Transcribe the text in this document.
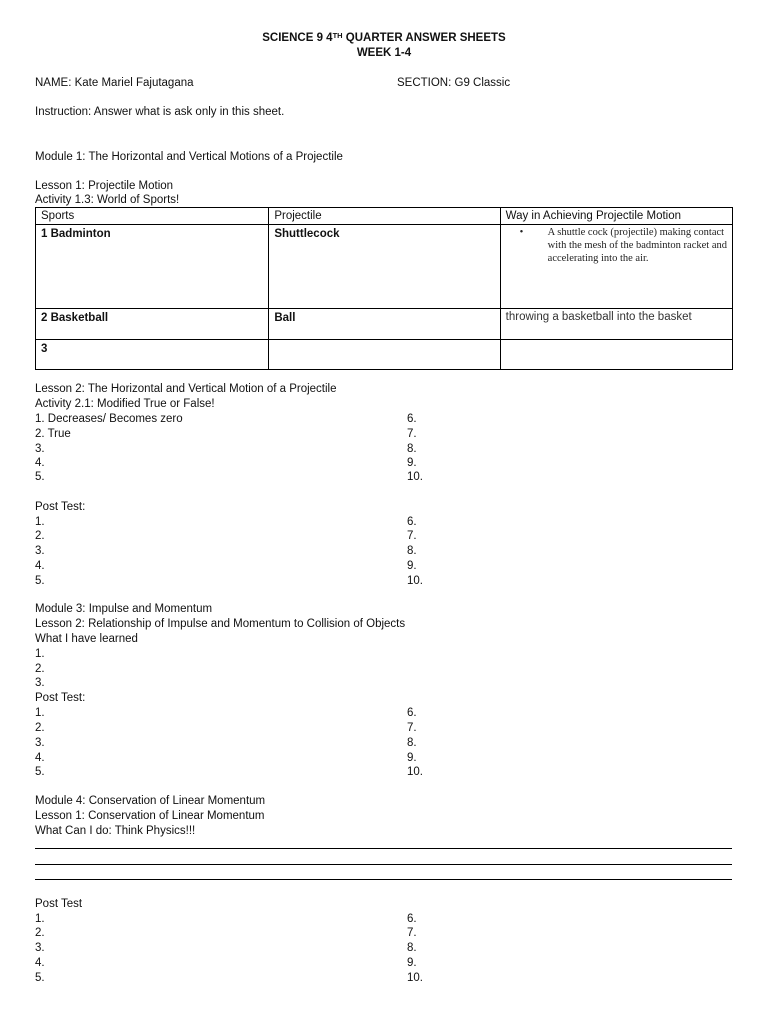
SCIENCE 9 4TH QUARTER ANSWER SHEETS
WEEK 1-4
NAME: Kate Mariel Fajutagana	SECTION: G9 Classic
Instruction: Answer what is ask only in this sheet.
Module 1: The Horizontal and Vertical Motions of a Projectile
Lesson 1: Projectile Motion
Activity 1.3: World of Sports!
Sports	Projectile	Way in Achieving Projectile Motion
1 Badminton	Shuttlecock	• A shuttle cock (projectile) making contact with the mesh of the badminton racket and accelerating into the air.

2 Basketball	Ball	throwing a basketball into the basket
3		
Lesson 2: The Horizontal and Vertical Motion of a Projectile
Activity 2.1: Modified True or False!
1. Decreases/ Becomes zero
2. True
3.
4.
5.
6.
7.
8.
9.
10.
Post Test:
1.
2.
3.
4.
5.
6.
7.
8.
9.
10.
Module 3: Impulse and Momentum
Lesson 2: Relationship of Impulse and Momentum to Collision of Objects
What I have learned
1.
2.
3.
Post Test:
1.
2.
3.
4.
5.
6.
7.
8.
9.
10.
Module 4: Conservation of Linear Momentum
Lesson 1: Conservation of Linear Momentum
What Can I do: Think Physics!!!
Post Test
1.
2.
3.
4.
5.
6.
7.
8.
9.
10.
